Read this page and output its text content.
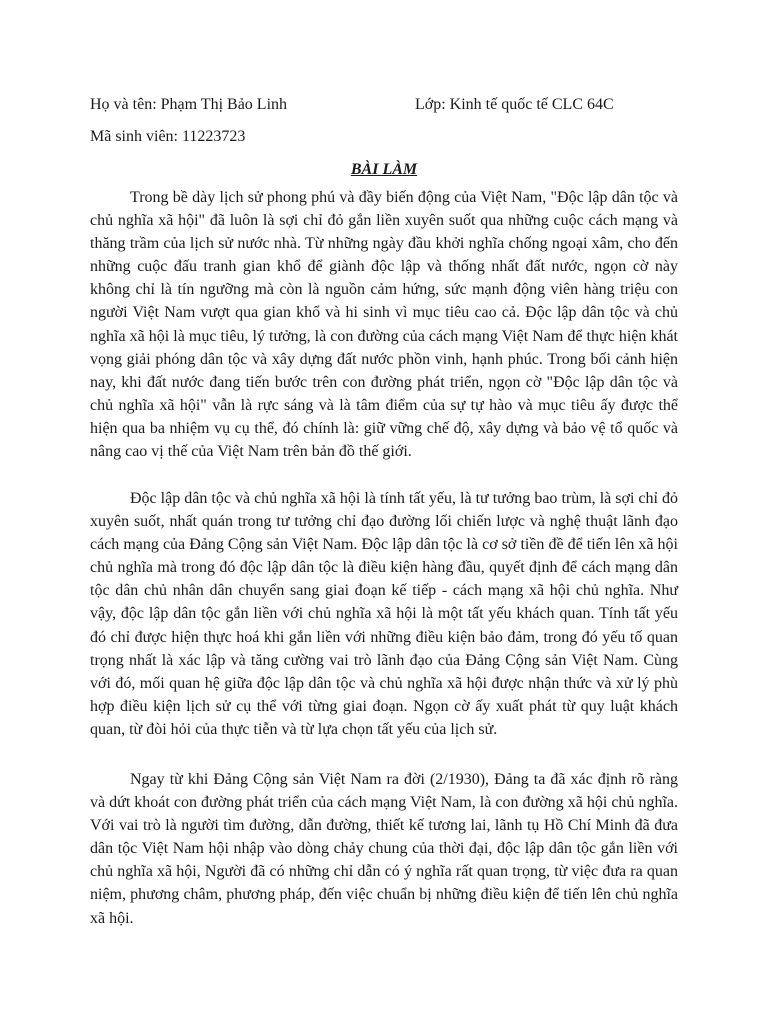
Họ và tên: Phạm Thị Bảo Linh	Lớp: Kinh tế quốc tế CLC 64C
Mã sinh viên: 11223723
BÀI LÀM

Trong bề dày lịch sử phong phú và đầy biến động của Việt Nam, "Độc lập dân tộc và chủ nghĩa xã hội" đã luôn là sợi chỉ đỏ gắn liền xuyên suốt qua những cuộc cách mạng và thăng trầm của lịch sử nước nhà. Từ những ngày đầu khởi nghĩa chống ngoại xâm, cho đến những cuộc đấu tranh gian khổ để giành độc lập và thống nhất đất nước, ngọn cờ này không chỉ là tín ngưỡng mà còn là nguồn cảm hứng, sức mạnh động viên hàng triệu con người Việt Nam vượt qua gian khổ và hi sinh vì mục tiêu cao cả. Độc lập dân tộc và chủ nghĩa xã hội là mục tiêu, lý tưởng, là con đường của cách mạng Việt Nam để thực hiện khát vọng giải phóng dân tộc và xây dựng đất nước phồn vinh, hạnh phúc. Trong bối cảnh hiện nay, khi đất nước đang tiến bước trên con đường phát triển, ngọn cờ "Độc lập dân tộc và chủ nghĩa xã hội" vẫn là rực sáng và là tâm điểm của sự tự hào và mục tiêu ấy được thể hiện qua ba nhiệm vụ cụ thể, đó chính là: giữ vững chế độ, xây dựng và bảo vệ tổ quốc và nâng cao vị thế của Việt Nam trên bản đồ thế giới.

Độc lập dân tộc và chủ nghĩa xã hội là tính tất yếu, là tư tưởng bao trùm, là sợi chỉ đỏ xuyên suốt, nhất quán trong tư tưởng chỉ đạo đường lối chiến lược và nghệ thuật lãnh đạo cách mạng của Đảng Cộng sản Việt Nam. Độc lập dân tộc là cơ sở tiền đề để tiến lên xã hội chủ nghĩa mà trong đó độc lập dân tộc là điều kiện hàng đầu, quyết định để cách mạng dân tộc dân chủ nhân dân chuyển sang giai đoạn kế tiếp - cách mạng xã hội chủ nghĩa. Như vậy, độc lập dân tộc gắn liền với chủ nghĩa xã hội là một tất yếu khách quan. Tính tất yếu đó chỉ được hiện thực hoá khi gắn liền với những điều kiện bảo đảm, trong đó yếu tố quan trọng nhất là xác lập và tăng cường vai trò lãnh đạo của Đảng Cộng sản Việt Nam. Cùng với đó, mối quan hệ giữa độc lập dân tộc và chủ nghĩa xã hội được nhận thức và xử lý phù hợp điều kiện lịch sử cụ thể với từng giai đoạn. Ngọn cờ ấy xuất phát từ quy luật khách quan, từ đòi hỏi của thực tiễn và từ lựa chọn tất yếu của lịch sử.

Ngay từ khi Đảng Cộng sản Việt Nam ra đời (2/1930), Đảng ta đã xác định rõ ràng và dứt khoát con đường phát triển của cách mạng Việt Nam, là con đường xã hội chủ nghĩa. Với vai trò là người tìm đường, dẫn đường, thiết kế tương lai, lãnh tụ Hồ Chí Minh đã đưa dân tộc Việt Nam hội nhập vào dòng chảy chung của thời đại, độc lập dân tộc gắn liền với chủ nghĩa xã hội, Người đã có những chỉ dẫn có ý nghĩa rất quan trọng, từ việc đưa ra quan niệm, phương châm, phương pháp, đến việc chuẩn bị những điều kiện để tiến lên chủ nghĩa xã hội.
